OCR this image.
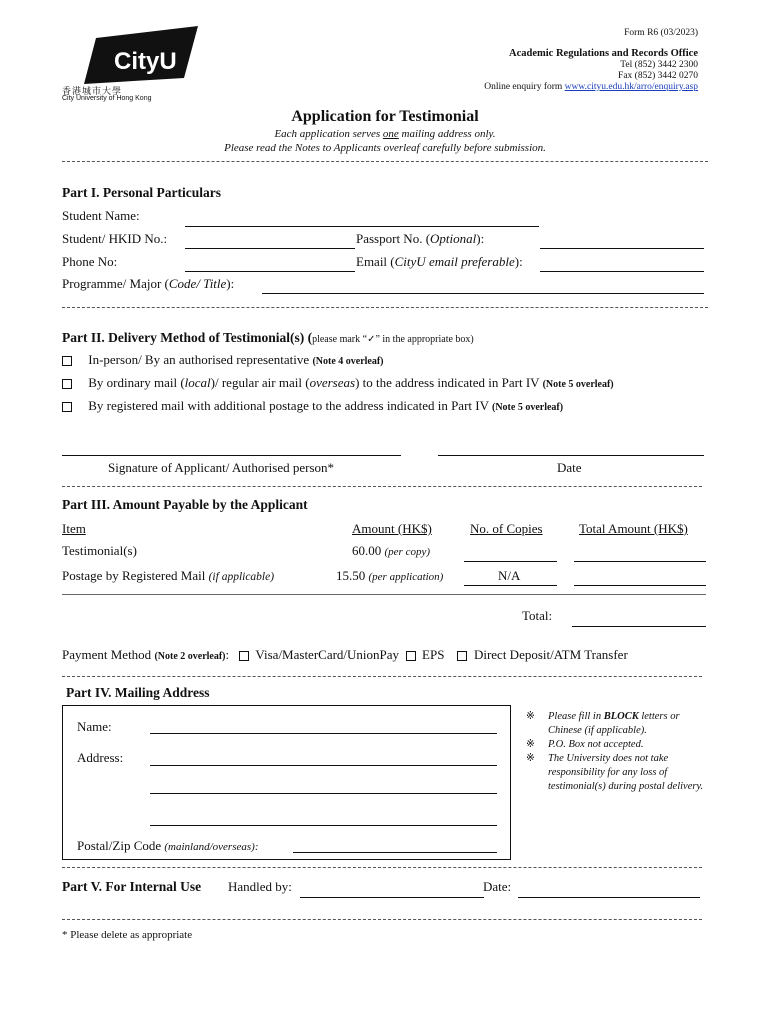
CityU
香港城市大學
City University of Hong Kong
Form R6 (03/2023)
Academic Regulations and Records Office
Tel (852) 3442 2300
Fax (852) 3442 0270
Online enquiry form www.cityu.edu.hk/arro/enquiry.asp
Application for Testimonial
Each application serves one mailing address only.
Please read the Notes to Applicants overleaf carefully before submission.
Part I. Personal Particulars
Student Name:
Student/ HKID No.:	Passport No. (Optional):
Phone No:	Email (CityU email preferable):
Programme/ Major (Code/ Title):
Part II. Delivery Method of Testimonial(s) (please mark “✓” in the appropriate box)
In-person/ By an authorised representative (Note 4 overleaf)
By ordinary mail (local)/ regular air mail (overseas) to the address indicated in Part IV (Note 5 overleaf)
By registered mail with additional postage to the address indicated in Part IV (Note 5 overleaf)
Signature of Applicant/ Authorised person*	Date
Part III. Amount Payable by the Applicant
Item	Amount (HK$)	No. of Copies	Total Amount (HK$)
Testimonial(s)	60.00 (per copy)
Postage by Registered Mail (if applicable)	15.50 (per application)	N/A
Total:
Payment Method (Note 2 overleaf): Visa/MasterCard/UnionPay EPS Direct Deposit/ATM Transfer
Part IV. Mailing Address
Name:
Address:
Postal/Zip Code (mainland/overseas):
※	Please fill in BLOCK letters or Chinese (if applicable).
※	P.O. Box not accepted.
※	The University does not take responsibility for any loss of testimonial(s) during postal delivery.
Part V. For Internal Use Handled by:	Date:
* Please delete as appropriate
